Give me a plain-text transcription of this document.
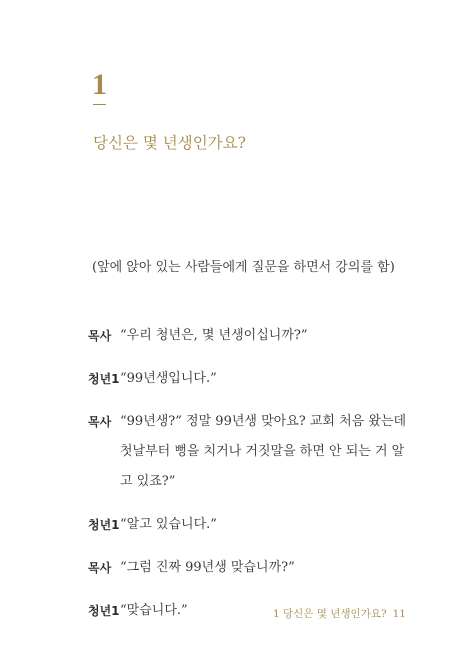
1
당신은 몇 년생인가요?
(앞에 앉아 있는 사람들에게 질문을 하면서 강의를 함)
목사 “우리 청년은, 몇 년생이십니까?”
청년1 “99년생입니다.”
목사 “99년생?” 정말 99년생 맞아요? 교회 처음 왔는데
첫날부터 뻥을 치거나 거짓말을 하면 안 되는 거 알
고 있죠?”
청년1 “알고 있습니다.”
목사 “그럼 진짜 99년생 맞습니까?”
청년1 “맞습니다.”	1 당신은 몇 년생인가요? 11
